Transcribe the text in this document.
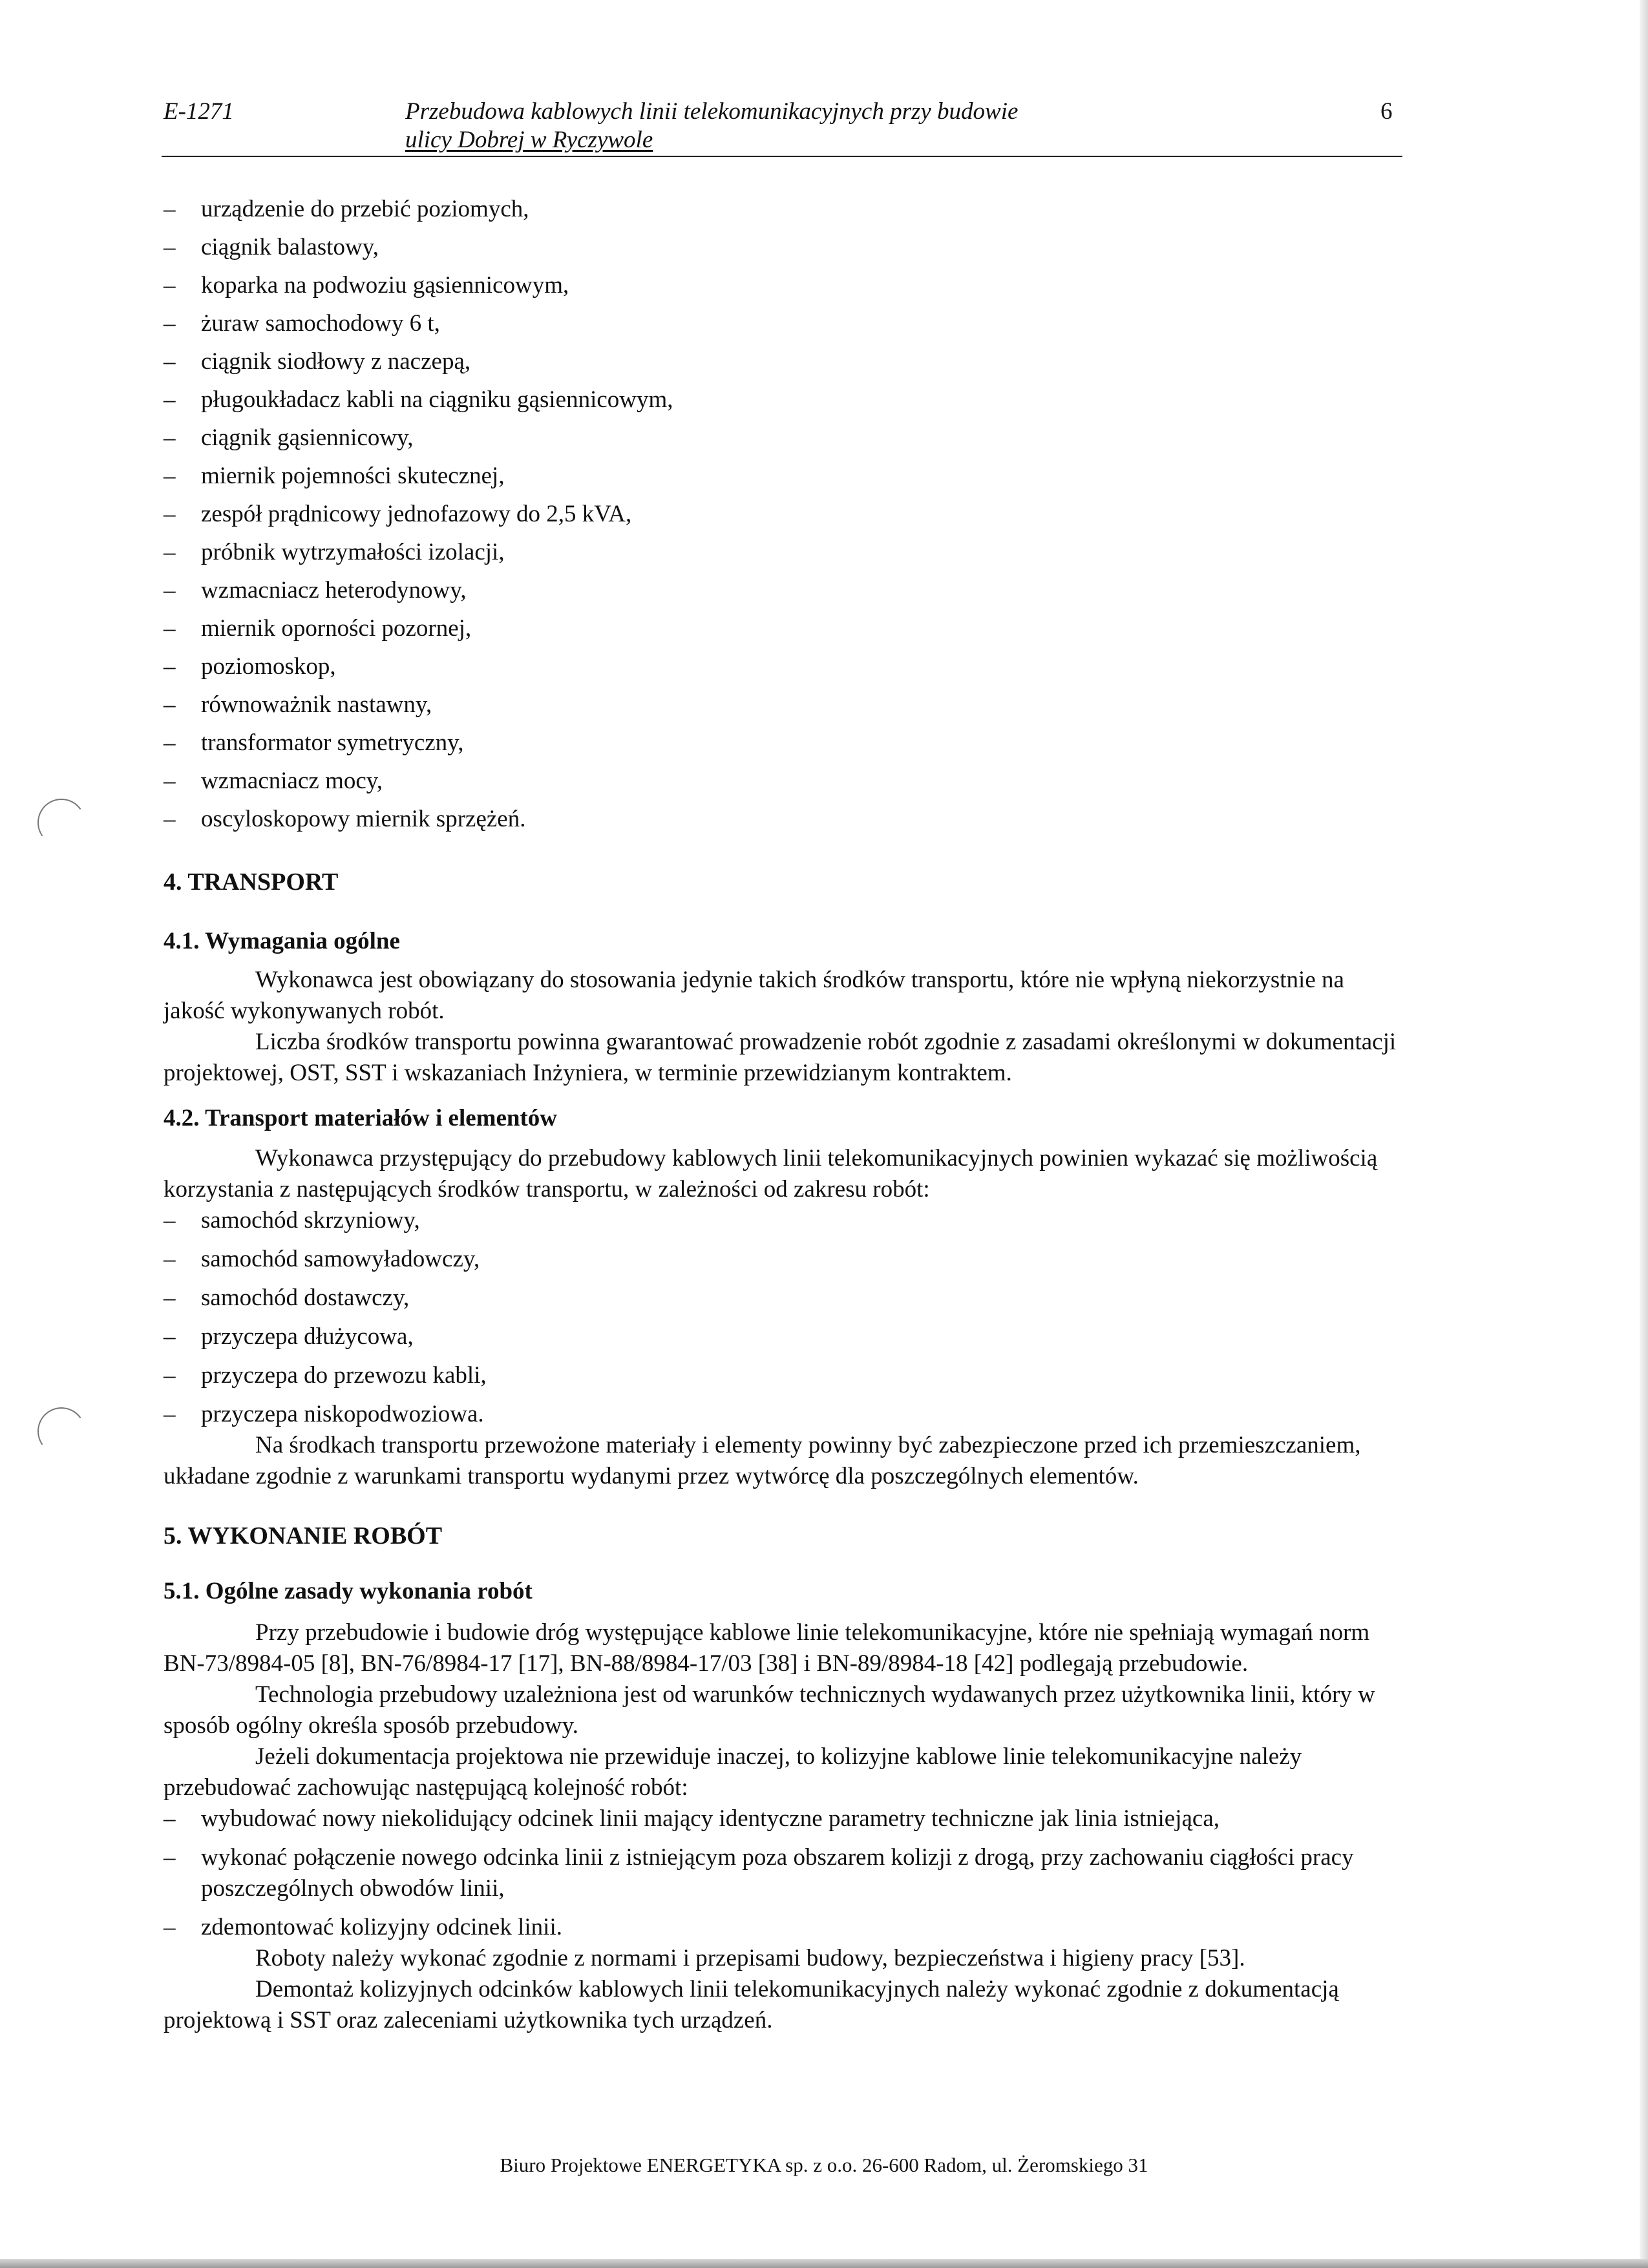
E-1271	Przebudowa kablowych linii telekomunikacyjnych przy budowie
ulicy Dobrej w Ryczywole
6
– urządzenie do przebić poziomych,
– ciągnik balastowy,
– koparka na podwoziu gąsiennicowym,
– żuraw samochodowy 6 t,
– ciągnik siodłowy z naczepą,
– pługoukładacz kabli na ciągniku gąsiennicowym,
– ciągnik gąsiennicowy,
– miernik pojemności skutecznej,
– zespół prądnicowy jednofazowy do 2,5 kVA,
– próbnik wytrzymałości izolacji,
– wzmacniacz heterodynowy,
– miernik oporności pozornej,
– poziomoskop,
– równoważnik nastawny,
– transformator symetryczny,
– wzmacniacz mocy,
– oscyloskopowy miernik sprzężeń.
4. TRANSPORT
4.1. Wymagania ogólne

Wykonawca jest obowiązany do stosowania jedynie takich środków transportu, które nie wpłyną niekorzystnie na jakość wykonywanych robót.

Liczba środków transportu powinna gwarantować prowadzenie robót zgodnie z zasadami określonymi w dokumentacji projektowej, OST, SST i wskazaniach Inżyniera, w terminie przewidzianym kontraktem.

4.2. Transport materiałów i elementów

Wykonawca przystępujący do przebudowy kablowych linii telekomunikacyjnych powinien wykazać się możliwością korzystania z następujących środków transportu, w zależności od zakresu robót:

– samochód skrzyniowy,
– samochód samowyładowczy,
– samochód dostawczy,
– przyczepa dłużycowa,
– przyczepa do przewozu kabli,
– przyczepa niskopodwoziowa.

Na środkach transportu przewożone materiały i elementy powinny być zabezpieczone przed ich przemieszczaniem, układane zgodnie z warunkami transportu wydanymi przez wytwórcę dla poszczególnych elementów.

5. WYKONANIE ROBÓT
5.1. Ogólne zasady wykonania robót

Przy przebudowie i budowie dróg występujące kablowe linie telekomunikacyjne, które nie spełniają wymagań norm BN-73/8984-05 [8], BN-76/8984-17 [17], BN-88/8984-17/03 [38] i BN-89/8984-18 [42] podlegają przebudowie.

Technologia przebudowy uzależniona jest od warunków technicznych wydawanych przez użytkownika linii, który w sposób ogólny określa sposób przebudowy.

Jeżeli dokumentacja projektowa nie przewiduje inaczej, to kolizyjne kablowe linie telekomunikacyjne należy przebudować zachowując następującą kolejność robót:

– wybudować nowy niekolidujący odcinek linii mający identyczne parametry techniczne jak linia istniejąca,
– wykonać połączenie nowego odcinka linii z istniejącym poza obszarem kolizji z drogą, przy zachowaniu ciągłości pracy poszczególnych obwodów linii,
– zdemontować kolizyjny odcinek linii.

Roboty należy wykonać zgodnie z normami i przepisami budowy, bezpieczeństwa i higieny pracy [53].

Demontaż kolizyjnych odcinków kablowych linii telekomunikacyjnych należy wykonać zgodnie z dokumentacją projektową i SST oraz zaleceniami użytkownika tych urządzeń.

Biuro Projektowe ENERGETYKA sp. z o.o. 26-600 Radom, ul. Żeromskiego 31
